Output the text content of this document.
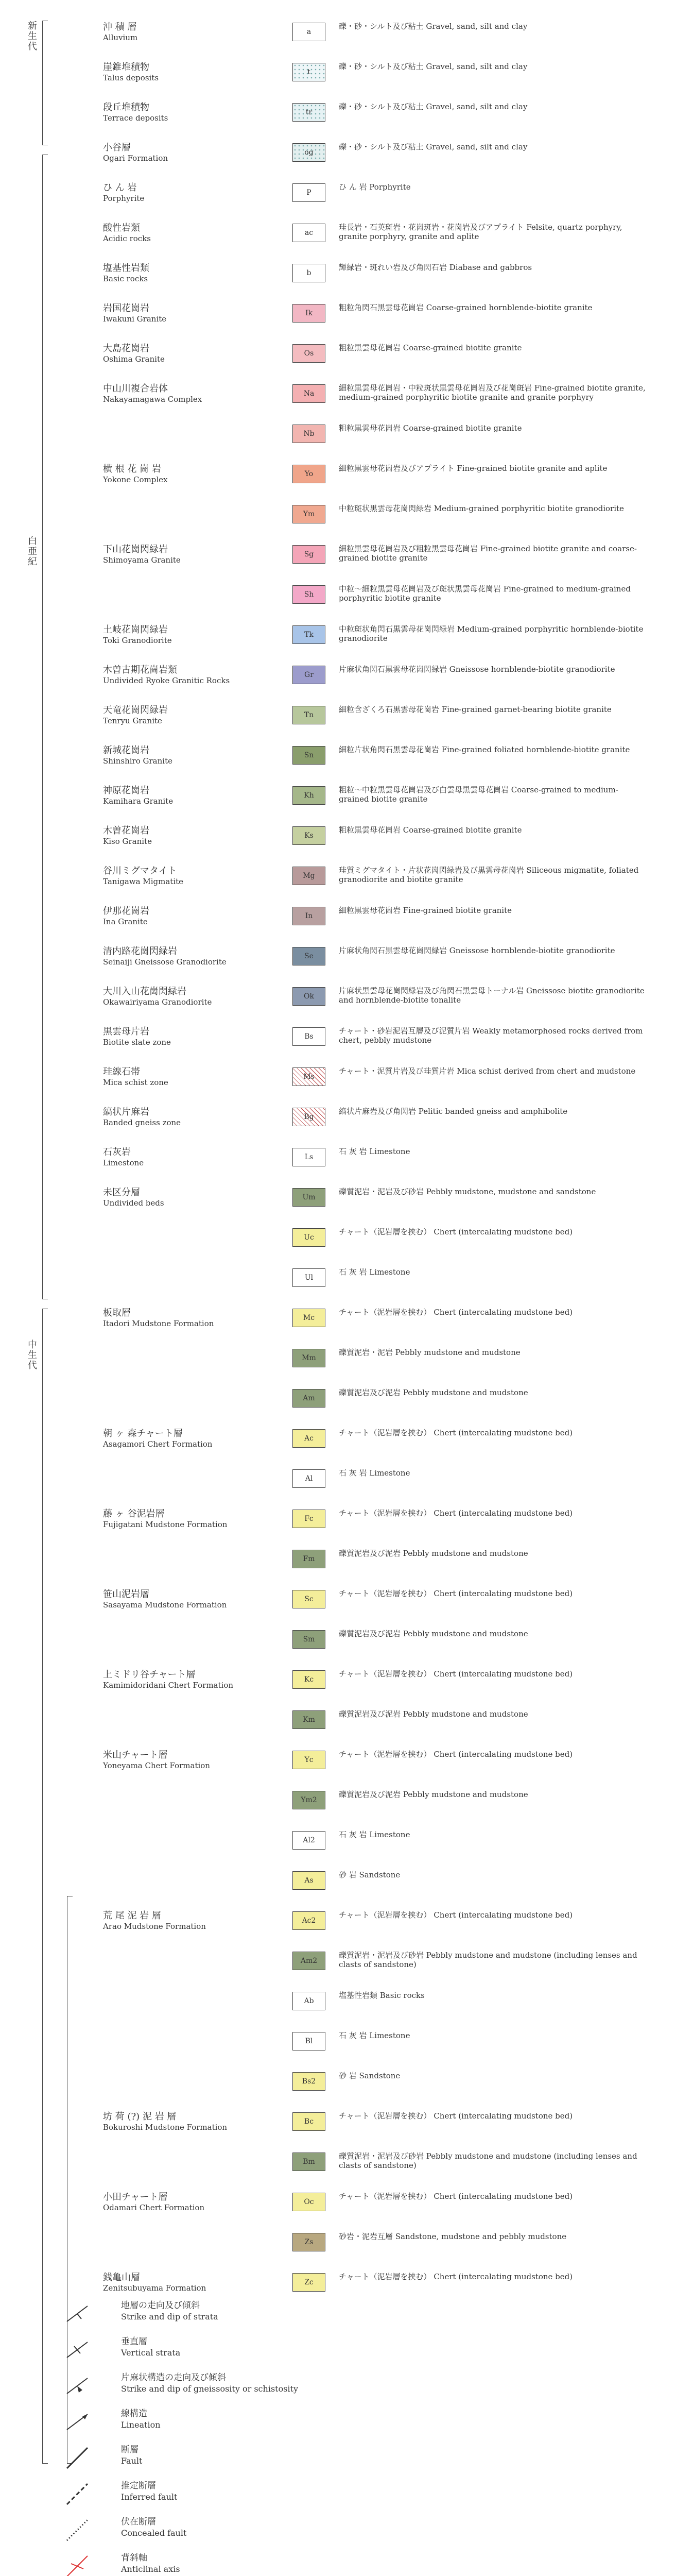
新生代
白亜紀
中生代
沖 積 層
Alluvium
a
礫・砂・シルト及び粘土 Gravel, sand, silt and clay
崖錐堆積物
Talus deposits
t
礫・砂・シルト及び粘土 Gravel, sand, silt and clay
段丘堆積物
Terrace deposits
tr
礫・砂・シルト及び粘土 Gravel, sand, silt and clay
小谷層
Ogari Formation
og
礫・砂・シルト及び粘土 Gravel, sand, silt and clay
ひ ん 岩
Porphyrite
P
ひ ん 岩 Porphyrite
酸性岩類
Acidic rocks
ac
珪長岩・石英斑岩・花崗斑岩・花崗岩及びアプライト Felsite, quartz porphyry, granite porphyry, granite and aplite
塩基性岩類
Basic rocks
b
輝緑岩・斑れい岩及び角閃石岩 Diabase and gabbros
岩国花崗岩
Iwakuni Granite
Ik
粗粒角閃石黒雲母花崗岩 Coarse-grained hornblende-biotite granite
大島花崗岩
Oshima Granite
Os
粗粒黒雲母花崗岩 Coarse-grained biotite granite
中山川複合岩体
Nakayamagawa Complex
Na
細粒黒雲母花崗岩・中粒斑状黒雲母花崗岩及び花崗斑岩 Fine-grained biotite granite, medium-grained porphyritic biotite granite and granite porphyry
Nb
粗粒黒雲母花崗岩 Coarse-grained biotite granite
横 根 花 崗 岩
Yokone Complex
Yo
細粒黒雲母花崗岩及びアプライト Fine-grained biotite granite and aplite
Ym
中粒斑状黒雲母花崗閃緑岩 Medium-grained porphyritic biotite granodiorite
下山花崗閃緑岩
Shimoyama Granite
Sg
細粒黒雲母花崗岩及び粗粒黒雲母花崗岩 Fine-grained biotite granite and coarse-grained biotite granite
Sh
中粒～細粒黒雲母花崗岩及び斑状黒雲母花崗岩 Fine-grained to medium-grained porphyritic biotite granite
土岐花崗閃緑岩
Toki Granodiorite
Tk
中粒斑状角閃石黒雲母花崗閃緑岩 Medium-grained porphyritic hornblende-biotite granodiorite
木曽古期花崗岩類
Undivided Ryoke Granitic Rocks
Gr
片麻状角閃石黒雲母花崗閃緑岩 Gneissose hornblende-biotite granodiorite
天竜花崗閃緑岩
Tenryu Granite
Tn
細粒含ざくろ石黒雲母花崗岩 Fine-grained garnet-bearing biotite granite
新城花崗岩
Shinshiro Granite
Sn
細粒片状角閃石黒雲母花崗岩 Fine-grained foliated hornblende-biotite granite
神原花崗岩
Kamihara Granite
Kh
粗粒～中粒黒雲母花崗岩及び白雲母黒雲母花崗岩 Coarse-grained to medium-grained biotite granite
木曽花崗岩
Kiso Granite
Ks
粗粒黒雲母花崗岩 Coarse-grained biotite granite
谷川ミグマタイト
Tanigawa Migmatite
Mg
珪質ミグマタイト・片状花崗閃緑岩及び黒雲母花崗岩 Siliceous migmatite, foliated granodiorite and biotite granite
伊那花崗岩
Ina Granite
In
細粒黒雲母花崗岩 Fine-grained biotite granite
清内路花崗閃緑岩
Seinaiji Gneissose Granodiorite
Se
片麻状角閃石黒雲母花崗閃緑岩 Gneissose hornblende-biotite granodiorite
大川入山花崗閃緑岩
Okawairiyama Granodiorite
Ok
片麻状黒雲母花崗閃緑岩及び角閃石黒雲母トーナル岩 Gneissose biotite granodiorite and hornblende-biotite tonalite
黒雲母片岩
Biotite slate zone
Bs
チャート・砂岩泥岩互層及び泥質片岩 Weakly metamorphosed rocks derived from chert, pebbly mudstone
珪線石帯
Mica schist zone
Ms
チャート・泥質片岩及び珪質片岩 Mica schist derived from chert and mudstone
縞状片麻岩
Banded gneiss zone
Bg
縞状片麻岩及び角閃岩 Pelitic banded gneiss and amphibolite
石灰岩
Limestone
Ls
石 灰 岩 Limestone
未区分層
Undivided beds
Um
礫質泥岩・泥岩及び砂岩 Pebbly mudstone, mudstone and sandstone
Uc
チャート（泥岩層を挟む） Chert (intercalating mudstone bed)
Ul
石 灰 岩 Limestone
板取層
Itadori Mudstone Formation
Mc
チャート（泥岩層を挟む） Chert (intercalating mudstone bed)
Mm
礫質泥岩・泥岩 Pebbly mudstone and mudstone
Am
礫質泥岩及び泥岩 Pebbly mudstone and mudstone
朝 ヶ 森チャート層
Asagamori Chert Formation
Ac
チャート（泥岩層を挟む） Chert (intercalating mudstone bed)
Al
石 灰 岩 Limestone
藤 ヶ 谷泥岩層
Fujigatani Mudstone Formation
Fc
チャート（泥岩層を挟む） Chert (intercalating mudstone bed)
Fm
礫質泥岩及び泥岩 Pebbly mudstone and mudstone
笹山泥岩層
Sasayama Mudstone Formation
Sc
チャート（泥岩層を挟む） Chert (intercalating mudstone bed)
Sm
礫質泥岩及び泥岩 Pebbly mudstone and mudstone
上ミドリ谷チャート層
Kamimidoridani Chert Formation
Kc
チャート（泥岩層を挟む） Chert (intercalating mudstone bed)
Km
礫質泥岩及び泥岩 Pebbly mudstone and mudstone
米山チャート層
Yoneyama Chert Formation
Yc
チャート（泥岩層を挟む） Chert (intercalating mudstone bed)
Ym2
礫質泥岩及び泥岩 Pebbly mudstone and mudstone
Al2
石 灰 岩 Limestone
As
砂 岩 Sandstone
荒 尾 泥 岩 層
Arao Mudstone Formation
Ac2
チャート（泥岩層を挟む） Chert (intercalating mudstone bed)
Am2
礫質泥岩・泥岩及び砂岩 Pebbly mudstone and mudstone (including lenses and clasts of sandstone)
Ab
塩基性岩類 Basic rocks
Bl
石 灰 岩 Limestone
Bs2
砂 岩 Sandstone
坊 荷 (?) 泥 岩 層
Bokuroshi Mudstone Formation
Bc
チャート（泥岩層を挟む） Chert (intercalating mudstone bed)
Bm
礫質泥岩・泥岩及び砂岩 Pebbly mudstone and mudstone (including lenses and clasts of sandstone)
小田チャート層
Odamari Chert Formation
Oc
チャート（泥岩層を挟む） Chert (intercalating mudstone bed)
Zs
砂岩・泥岩互層 Sandstone, mudstone and pebbly mudstone
銭亀山層
Zenitsubuyama Formation
Zc
チャート（泥岩層を挟む） Chert (intercalating mudstone bed)
地層の走向及び傾斜
Strike and dip of strata
垂直層
Vertical strata
片麻状構造の走向及び傾斜
Strike and dip of gneissosity or schistosity
線構造
Lineation
断層
Fault
推定断層
Inferred fault
伏在断層
Concealed fault
背斜軸
Anticlinal axis
